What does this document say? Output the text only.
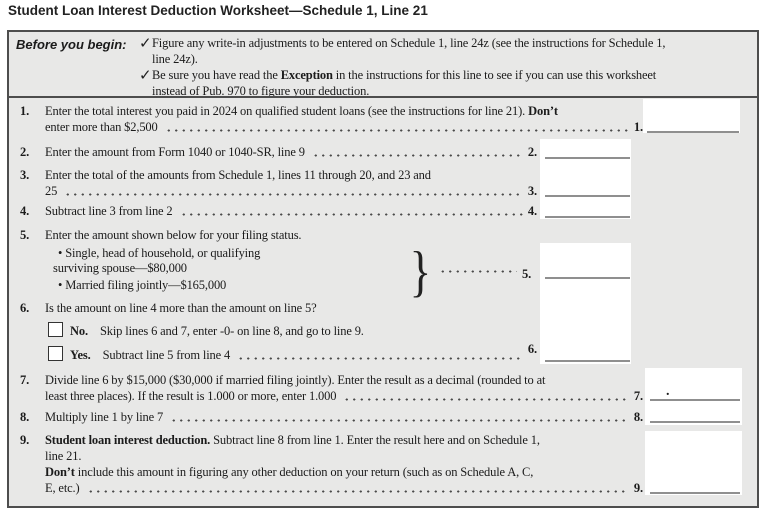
Student Loan Interest Deduction Worksheet—Schedule 1, Line 21
Before you begin: ✓ Figure any write-in adjustments to be entered on Schedule 1, line 24z (see the instructions for Schedule 1,
line 24z).
✓ Be sure you have read the Exception in the instructions for this line to see if you can use this worksheet
instead of Pub. 970 to figure your deduction.
1.	Enter the total interest you paid in 2024 on qualified student loans (see the instructions for line 21). Don’t
enter more than $2,500	1.
2.	Enter the amount from Form 1040 or 1040-SR, line 9	2.
3.	Enter the total of the amounts from Schedule 1, lines 11 through 20, and 23 and
25	3.
4.	Subtract line 3 from line 2	4.
5.	Enter the amount shown below for your filing status.
• Single, head of household, or qualifying
surviving spouse—$80,000
• Married filing jointly—$165,000	}	5.
6.	Is the amount on line 4 more than the amount on line 5?
No. Skip lines 6 and 7, enter -0- on line 8, and go to line 9.
Yes. Subtract line 5 from line 4	6.
7.	Divide line 6 by $15,000 ($30,000 if married filing jointly). Enter the result as a decimal (rounded to at
least three places). If the result is 1.000 or more, enter 1.000	7. .
8.	Multiply line 1 by line 7	8.
9.	Student loan interest deduction. Subtract line 8 from line 1. Enter the result here and on Schedule 1,
line 21.
Don’t include this amount in figuring any other deduction on your return (such as on Schedule A, C,
E, etc.)	9.
